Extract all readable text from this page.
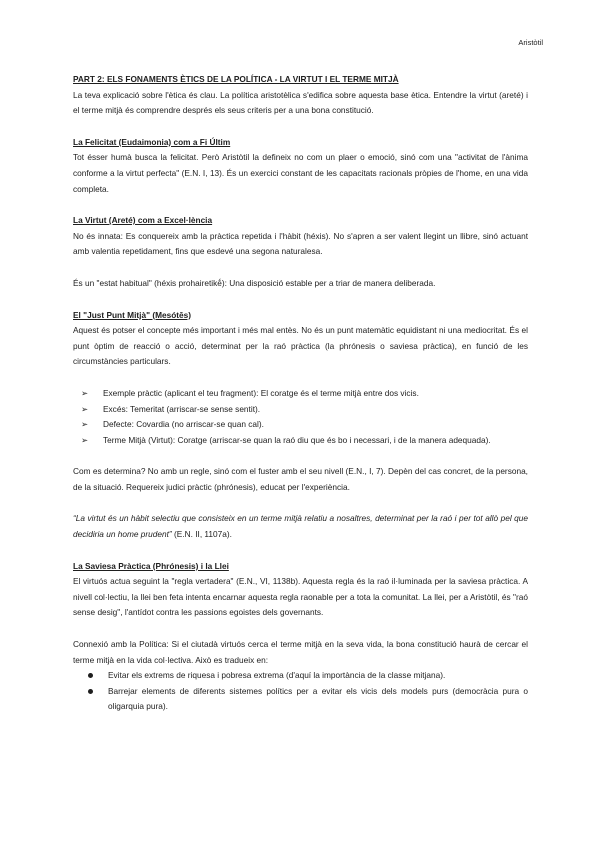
Aristòtil

PART 2: ELS FONAMENTS ÈTICS DE LA POLÍTICA - LA VIRTUT I EL TERME MITJÀ

La teva explicació sobre l'ètica és clau. La política aristotèlica s'edifica sobre aquesta base ètica. Entendre la virtut (areté) i el terme mitjà és comprendre després els seus criteris per a una bona constitució.

La Felicitat (Eudaimonia) com a Fi Últim

Tot ésser humà busca la felicitat. Però Aristòtil la defineix no com un plaer o emoció, sinó com una "activitat de l'ànima conforme a la virtut perfecta" (E.N. I, 13). És un exercici constant de les capacitats racionals pròpies de l'home, en una vida completa.

La Virtut (Areté) com a Excel·lència

No és innata: Es conquereix amb la pràctica repetida i l'hàbit (héxis). No s'apren a ser valent llegint un llibre, sinó actuant amb valentia repetidament, fins que esdevé una segona naturalesa.

És un "estat habitual" (héxis prohairetikḗ): Una disposició estable per a triar de manera deliberada.

El "Just Punt Mitjà" (Mesótēs)

Aquest és potser el concepte més important i més mal entès. No és un punt matemàtic equidistant ni una mediocritat. És el punt òptim de reacció o acció, determinat per la raó pràctica (la phrónesis o saviesa pràctica), en funció de les circumstàncies particulars.

➢ Exemple pràctic (aplicant el teu fragment): El coratge és el terme mitjà entre dos vicis.
➢ Excés: Temeritat (arriscar-se sense sentit).
➢ Defecte: Covardia (no arriscar-se quan cal).
➢ Terme Mitjà (Virtut): Coratge (arriscar-se quan la raó diu que és bo i necessari, i de la manera adequada).

Com es determina? No amb un regle, sinó com el fuster amb el seu nivell (E.N., I, 7). Depèn del cas concret, de la persona, de la situació. Requereix judici pràctic (phrónesis), educat per l'experiència.

“La virtut és un hàbit selectiu que consisteix en un terme mitjà relatiu a nosaltres, determinat per la raó i per tot allò pel que decidiria un home prudent” (E.N. II, 1107a).

La Saviesa Pràctica (Phrónesis) i la Llei

El virtuós actua seguint la "regla vertadera" (E.N., VI, 1138b). Aquesta regla és la raó il·luminada per la saviesa pràctica. A nivell col·lectiu, la llei ben feta intenta encarnar aquesta regla raonable per a tota la comunitat. La llei, per a Aristòtil, és "raó sense desig", l'antídot contra les passions egoistes dels governants.

Connexió amb la Política: Si el ciutadà virtuós cerca el terme mitjà en la seva vida, la bona constitució haurà de cercar el terme mitjà en la vida col·lectiva. Això es tradueix en:

Evitar els extrems de riquesa i pobresa extrema (d'aquí la importància de la classe mitjana).
Barrejar elements de diferents sistemes polítics per a evitar els vicis dels models purs (democràcia pura o oligarquia pura).
